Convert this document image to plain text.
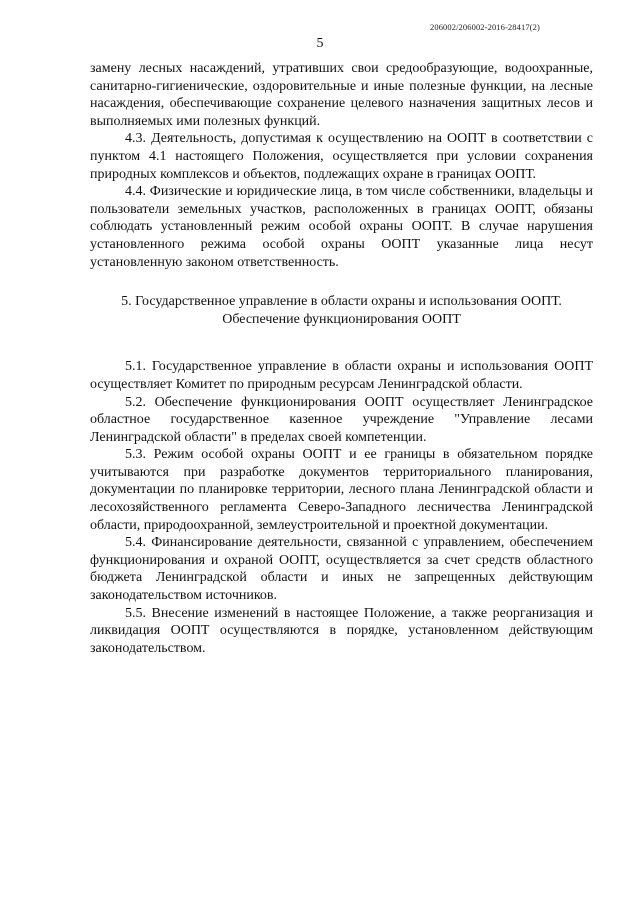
206002/206002-2016-28417(2)
5

замену лесных насаждений, утративших свои средообразующие, водоохранные, санитарно-гигиенические, оздоровительные и иные полезные функции, на лесные насаждения, обеспечивающие сохранение целевого назначения защитных лесов и выполняемых ими полезных функций.

4.3. Деятельность, допустимая к осуществлению на ООПТ в соответствии с пунктом 4.1 настоящего Положения, осуществляется при условии сохранения природных комплексов и объектов, подлежащих охране в границах ООПТ.

4.4. Физические и юридические лица, в том числе собственники, владельцы и пользователи земельных участков, расположенных в границах ООПТ, обязаны соблюдать установленный режим особой охраны ООПТ. В случае нарушения установленного режима особой охраны ООПТ указанные лица несут установленную законом ответственность.

5. Государственное управление в области охраны и использования ООПТ.
Обеспечение функционирования ООПТ

5.1. Государственное управление в области охраны и использования ООПТ осуществляет Комитет по природным ресурсам Ленинградской области.

5.2. Обеспечение функционирования ООПТ осуществляет Ленинградское областное государственное казенное учреждение "Управление лесами Ленинградской области" в пределах своей компетенции.

5.3. Режим особой охраны ООПТ и ее границы в обязательном порядке учитываются при разработке документов территориального планирования, документации по планировке территории, лесного плана Ленинградской области и лесохозяйственного регламента Северо-Западного лесничества Ленинградской области, природоохранной, землеустроительной и проектной документации.

5.4. Финансирование деятельности, связанной с управлением, обеспечением функционирования и охраной ООПТ, осуществляется за счет средств областного бюджета Ленинградской области и иных не запрещенных действующим законодательством источников.

5.5. Внесение изменений в настоящее Положение, а также реорганизация и ликвидация ООПТ осуществляются в порядке, установленном действующим законодательством.
